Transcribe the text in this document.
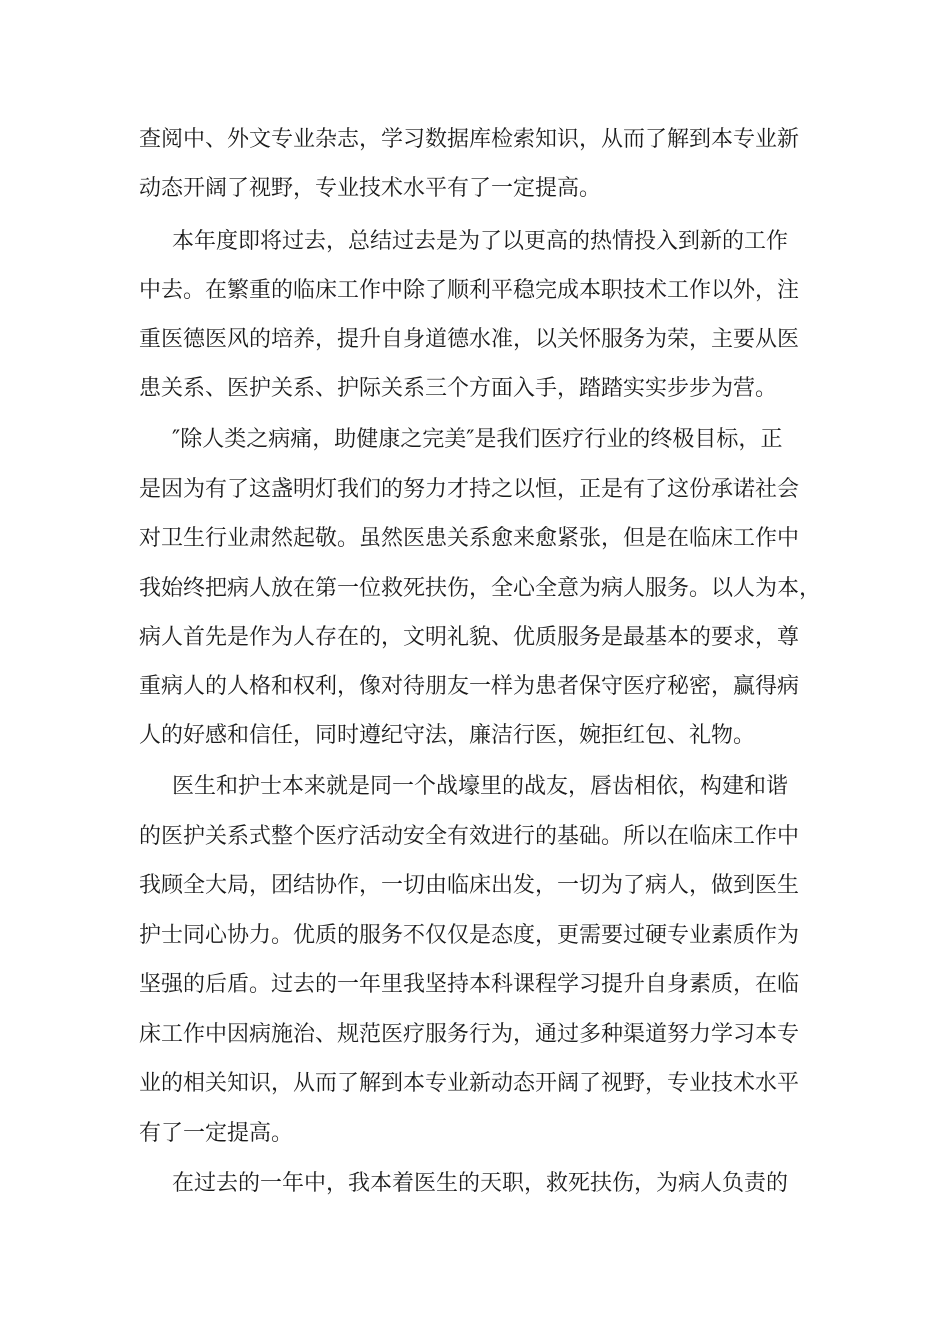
查阅中、外文专业杂志，学习数据库检索知识，从而了解到本专业新
动态开阔了视野，专业技术水平有了一定提高。
本年度即将过去，总结过去是为了以更高的热情投入到新的工作
中去。在繁重的临床工作中除了顺利平稳完成本职技术工作以外，注
重医德医风的培养，提升自身道德水准，以关怀服务为荣，主要从医
患关系、医护关系、护际关系三个方面入手，踏踏实实步步为营。
″除人类之病痛，助健康之完美″是我们医疗行业的终极目标，正
是因为有了这盏明灯我们的努力才持之以恒，正是有了这份承诺社会
对卫生行业肃然起敬。虽然医患关系愈来愈紧张，但是在临床工作中
我始终把病人放在第一位救死扶伤，全心全意为病人服务。以人为本，
病人首先是作为人存在的，文明礼貌、优质服务是最基本的要求，尊
重病人的人格和权利，像对待朋友一样为患者保守医疗秘密，赢得病
人的好感和信任，同时遵纪守法，廉洁行医，婉拒红包、礼物。
医生和护士本来就是同一个战壕里的战友，唇齿相依，构建和谐
的医护关系式整个医疗活动安全有效进行的基础。所以在临床工作中
我顾全大局，团结协作，一切由临床出发，一切为了病人，做到医生
护士同心协力。优质的服务不仅仅是态度，更需要过硬专业素质作为
坚强的后盾。过去的一年里我坚持本科课程学习提升自身素质，在临
床工作中因病施治、规范医疗服务行为，通过多种渠道努力学习本专
业的相关知识，从而了解到本专业新动态开阔了视野，专业技术水平
有了一定提高。
在过去的一年中，我本着医生的天职，救死扶伤，为病人负责的
